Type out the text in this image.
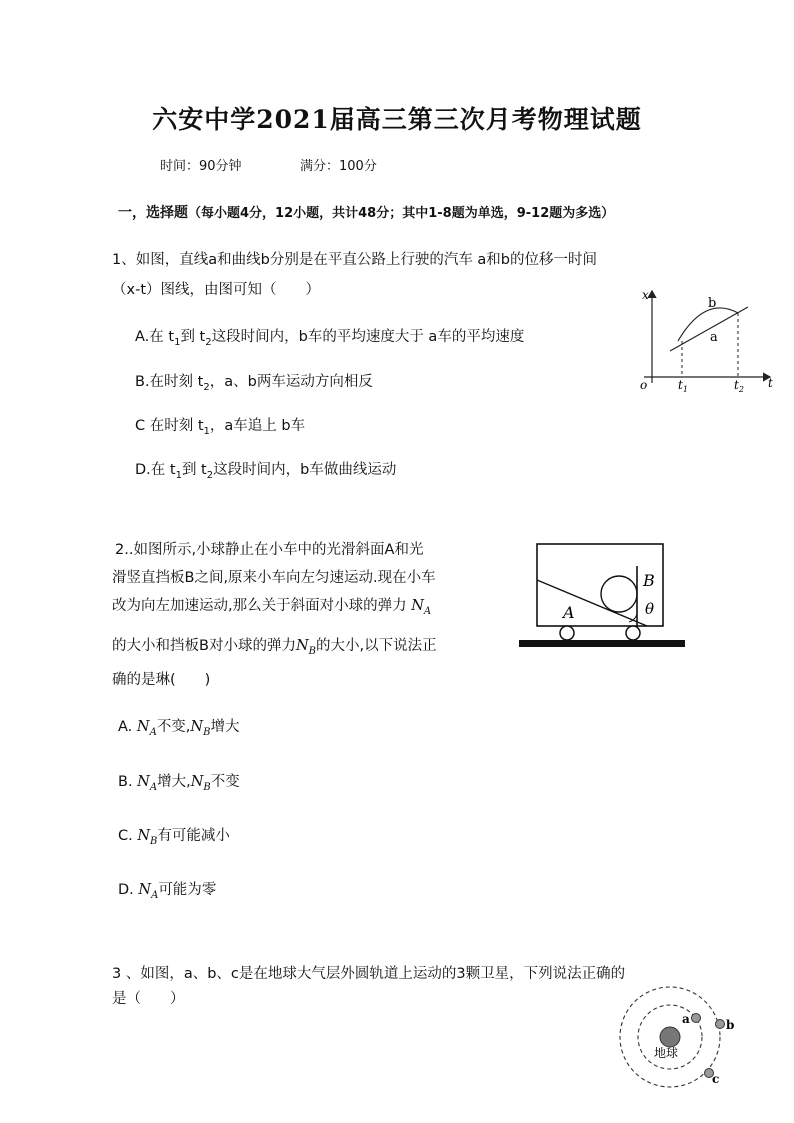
六安中学2021届高三第三次月考物理试题
时间：90分钟	满分：100分
一，选择题（每小题4分，12小题，共计48分；其中1-8题为单选，9-12题为多选）
1、如图，直线a和曲线b分别是在平直公路上行驶的汽车 a和b的位移一时间
（x-t）图线，由图可知（　　）
A.在 $t_1$到 $t_2$这段时间内，b车的平均速度大于 a车的平均速度
B.在时刻 $t_2$，a、b两车运动方向相反
C 在时刻 $t_1$，a车追上 b车
D.在 $t_1$到 $t_2$这段时间内，b车做曲线运动
x
t
o
b
a
$t_1$	$t_2$
2..如图所示,小球静止在小车中的光滑斜面A和光
滑竖直挡板B之间,原来小车向左匀速运动.现在小车
改为向左加速运动,那么关于斜面对小球的弹力 $N_A$
的大小和挡板B对小球的弹力$N_B$的大小,以下说法正
确的是琳(　　)
A. $N_A$不变$,N_B$增大
B. $N_A$增大$,N_B$不变
C. $N_B$有可能减小
D. $N_A$可能为零
A
B
θ
3 、如图，a、b、c是在地球大气层外圆轨道上运动的3颗卫星，下列说法正确的
是（　　）
地球
a	b
c
